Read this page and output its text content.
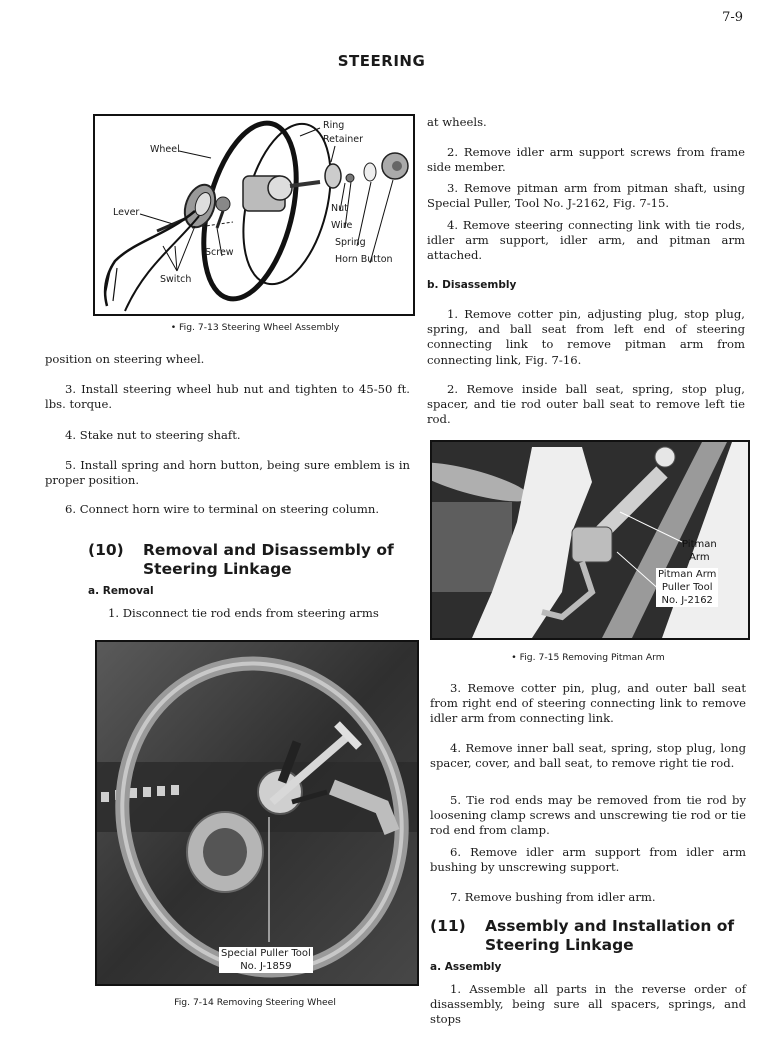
7-9
STEERING
Wheel
Ring
Retainer
Lever	Nut
Wire
Screw
Spring
Horn Button
Switch
• Fig. 7-13 Steering Wheel Assembly

position on steering wheel.

3. Install steering wheel hub nut and tighten to 45-50 ft. lbs. torque.

4. Stake nut to steering shaft.

5. Install spring and horn button, being sure emblem is in proper position.

6. Connect horn wire to terminal on steering column.

(10) Removal and Disassembly of
Steering Linkage
a. Removal

1. Disconnect tie rod ends from steering arms

Special Puller Tool
No. J-1859
Fig. 7-14 Removing Steering Wheel

at wheels.

2. Remove idler arm support screws from frame side member.

3. Remove pitman arm from pitman shaft, using Special Puller, Tool No. J-2162, Fig. 7-15.

4. Remove steering connecting link with tie rods, idler arm support, idler arm, and pitman arm attached.

b. Disassembly

1. Remove cotter pin, adjusting plug, stop plug, spring, and ball seat from left end of steering connecting link to remove pitman arm from connecting link, Fig. 7-16.

2. Remove inside ball seat, spring, stop plug, spacer, and tie rod outer ball seat to remove left tie rod.

Pitman
Arm
Pitman Arm
Puller Tool
No. J-2162
• Fig. 7-15 Removing Pitman Arm

3. Remove cotter pin, plug, and outer ball seat from right end of steering connecting link to remove idler arm from connecting link.

4. Remove inner ball seat, spring, stop plug, long spacer, cover, and ball seat, to remove right tie rod.

5. Tie rod ends may be removed from tie rod by loosening clamp screws and unscrewing tie rod or tie rod end from clamp.

6. Remove idler arm support from idler arm bushing by unscrewing support.

7. Remove bushing from idler arm.

(11) Assembly and Installation of
Steering Linkage
a. Assembly

1. Assemble all parts in the reverse order of disassembly, being sure all spacers, springs, and stops
